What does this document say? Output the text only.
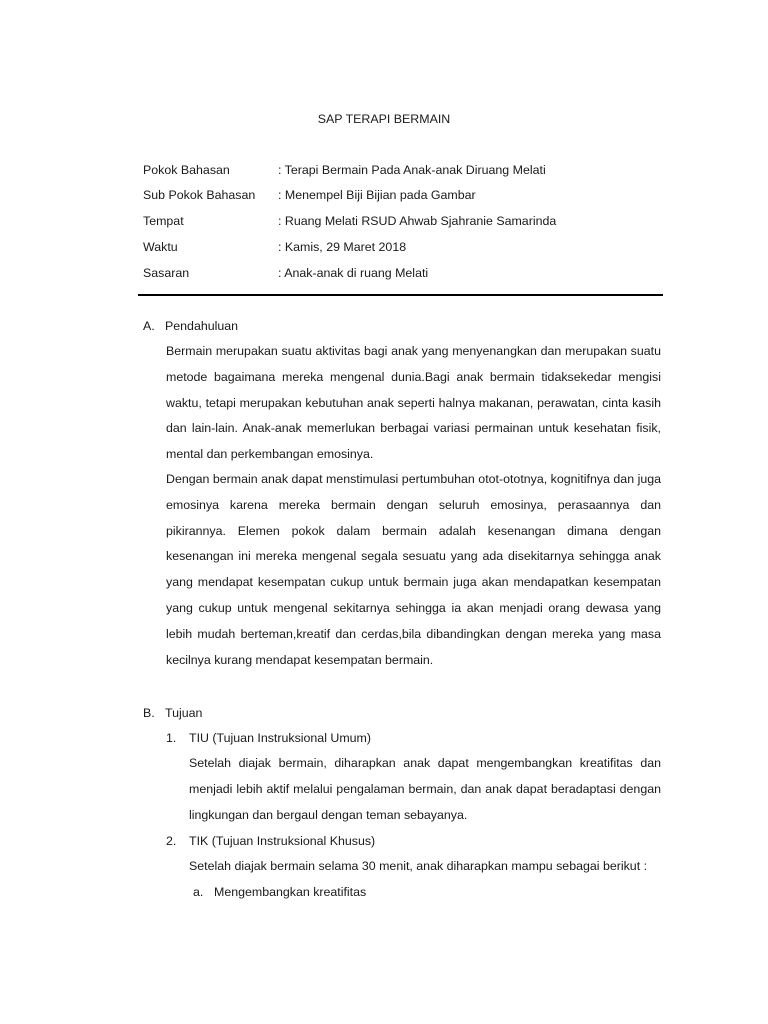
SAP TERAPI BERMAIN
Pokok Bahasan	: Terapi Bermain Pada Anak-anak Diruang Melati
Sub Pokok Bahasan : Menempel Biji Bijian pada Gambar
Tempat	: Ruang Melati RSUD Ahwab Sjahranie Samarinda
Waktu	: Kamis, 29 Maret 2018
Sasaran	: Anak-anak di ruang Melati
A. Pendahuluan

Bermain merupakan suatu aktivitas bagi anak yang menyenangkan dan merupakan suatu metode bagaimana mereka mengenal dunia.Bagi anak bermain tidaksekedar mengisi waktu, tetapi merupakan kebutuhan anak seperti halnya makanan, perawatan, cinta kasih dan lain-lain. Anak-anak memerlukan berbagai variasi permainan untuk kesehatan fisik, mental dan perkembangan emosinya.

Dengan bermain anak dapat menstimulasi pertumbuhan otot-ototnya, kognitifnya dan juga emosinya karena mereka bermain dengan seluruh emosinya, perasaannya dan pikirannya. Elemen pokok dalam bermain adalah kesenangan dimana dengan kesenangan ini mereka mengenal segala sesuatu yang ada disekitarnya sehingga anak yang mendapat kesempatan cukup untuk bermain juga akan mendapatkan kesempatan yang cukup untuk mengenal sekitarnya sehingga ia akan menjadi orang dewasa yang lebih mudah berteman,kreatif dan cerdas,bila dibandingkan dengan mereka yang masa kecilnya kurang mendapat kesempatan bermain.

B. Tujuan
1. TIU (Tujuan Instruksional Umum)

Setelah diajak bermain, diharapkan anak dapat mengembangkan kreatifitas dan menjadi lebih aktif melalui pengalaman bermain, dan anak dapat beradaptasi dengan lingkungan dan bergaul dengan teman sebayanya.

2. TIK (Tujuan Instruksional Khusus)
Setelah diajak bermain selama 30 menit, anak diharapkan mampu sebagai berikut :
a. Mengembangkan kreatifitas
